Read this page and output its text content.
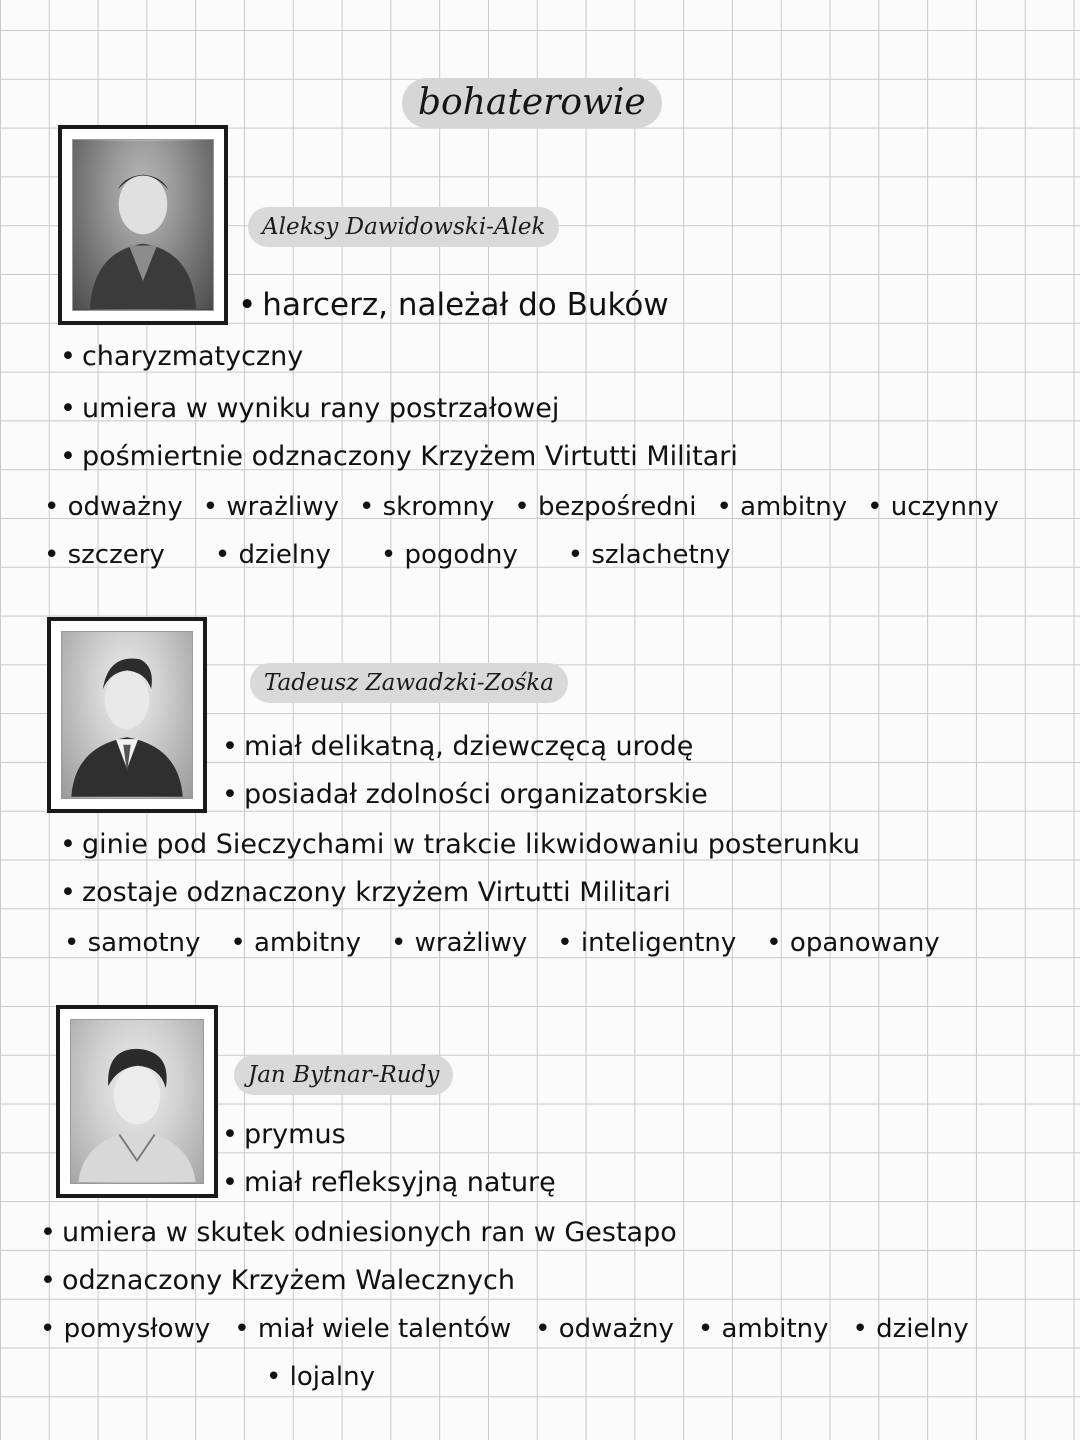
bohaterowie
Aleksy Dawidowski-Alek
• harcerz, należał do Buków
• charyzmatyczny
• umiera w wyniku rany postrzałowej
• pośmiertnie odznaczony Krzyżem Virtutti Militari
• odważny	• wrażliwy	• skromny	• bezpośredni	• ambitny	• uczynny
• szczery	• dzielny	• pogodny	• szlachetny
Tadeusz Zawadzki-Zośka
• miał delikatną, dziewczęcą urodę
• posiadał zdolności organizatorskie
• ginie pod Sieczychami w trakcie likwidowaniu posterunku
• zostaje odznaczony krzyżem Virtutti Militari
• samotny	• ambitny	• wrażliwy	• inteligentny	• opanowany
Jan Bytnar-Rudy
• prymus
• miał refleksyjną naturę
• umiera w skutek odniesionych ran w Gestapo
• odznaczony Krzyżem Walecznych
• pomysłowy	• miał wiele talentów	• odważny	• ambitny	• dzielny
• lojalny
